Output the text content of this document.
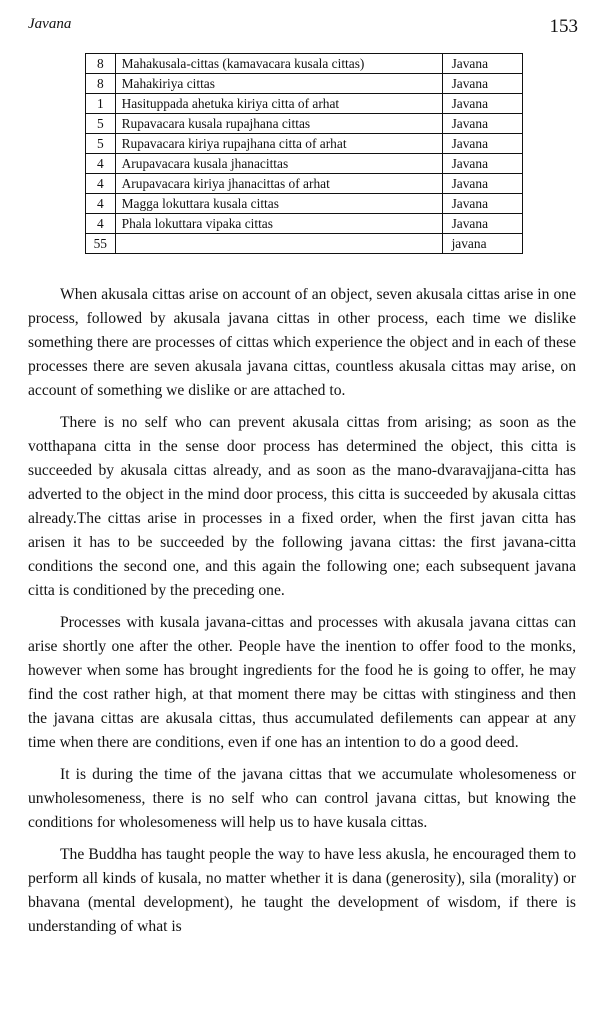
Javana	153
8	Mahakusala-cittas (kamavacara kusala cittas)	Javana
8	Mahakiriya cittas	Javana
1	Hasituppada ahetuka kiriya citta of arhat	Javana
5	Rupavacara kusala rupajhana cittas	Javana
5	Rupavacara kiriya rupajhana citta of arhat	Javana
4	Arupavacara kusala jhanacittas	Javana
4	Arupavacara kiriya jhanacittas of arhat	Javana
4	Magga lokuttara kusala cittas	Javana
4	Phala lokuttara vipaka cittas	Javana
55		javana

When akusala cittas arise on account of an object, seven akusala cittas arise in one process, followed by akusala javana cittas in other process, each time we dislike something there are processes of cittas which experience the object and in each of these processes there are seven akusala javana cittas, countless akusala cittas may arise, on account of something we dislike or are attached to.

There is no self who can prevent akusala cittas from arising; as soon as the votthapana citta in the sense door process has determined the object, this citta is succeeded by akusala cittas already, and as soon as the mano-dvaravajjana-citta has adverted to the object in the mind door process, this citta is succeeded by akusala cittas already.The cittas arise in processes in a fixed order, when the first javan citta has arisen it has to be succeeded by the following javana cittas: the first javana-citta conditions the second one, and this again the following one; each subsequent javana citta is conditioned by the preceding one.

Processes with kusala javana-cittas and processes with akusala javana cittas can arise shortly one after the other. People have the inention to offer food to the monks, however when some has brought ingredients for the food he is going to offer, he may find the cost rather high, at that moment there may be cittas with stinginess and then the javana cittas are akusala cittas, thus accumulated defilements can appear at any time when there are conditions, even if one has an intention to do a good deed.

It is during the time of the javana cittas that we accumulate wholesomeness or unwholesomeness, there is no self who can control javana cittas, but knowing the conditions for wholesomeness will help us to have kusala cittas.

The Buddha has taught people the way to have less akusla, he encouraged them to perform all kinds of kusala, no matter whether it is dana (generosity), sila (morality) or bhavana (mental development), he taught the development of wisdom, if there is understanding of what is
